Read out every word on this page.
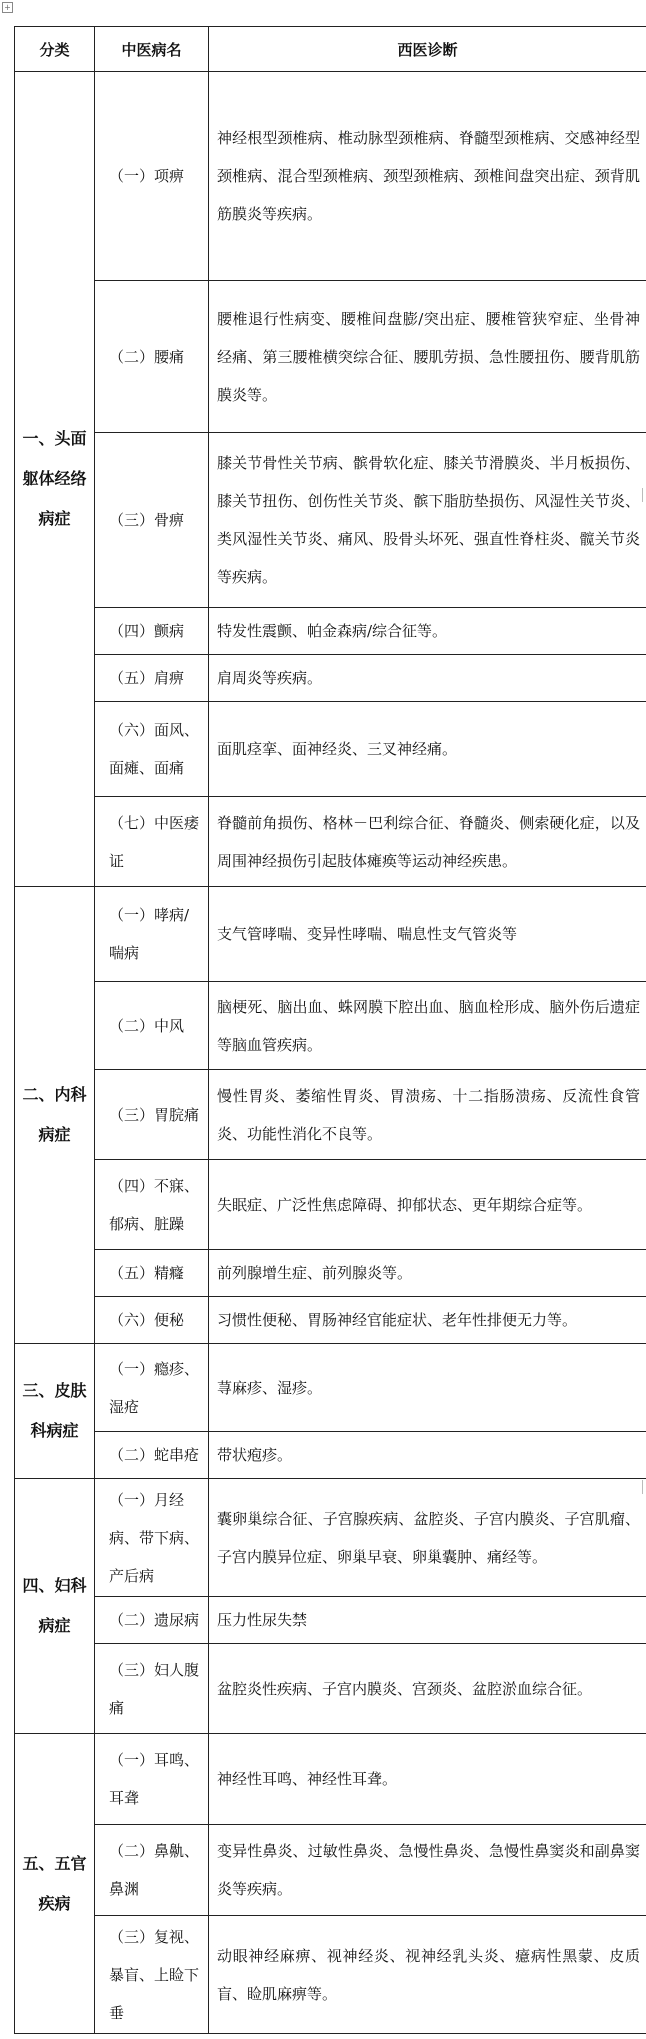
+
分类	中医病名	西医诊断
一、头面躯体经络病症	（一）项痹	神经根型颈椎病、椎动脉型颈椎病、脊髓型颈椎病、交感神经型颈椎病、混合型颈椎病、颈型颈椎病、颈椎间盘突出症、颈背肌筋膜炎等疾病。
	（二）腰痛	腰椎退行性病变、腰椎间盘膨/突出症、腰椎管狭窄症、坐骨神经痛、第三腰椎横突综合征、腰肌劳损、急性腰扭伤、腰背肌筋膜炎等。
	（三）骨痹	膝关节骨性关节病、髌骨软化症、膝关节滑膜炎、半月板损伤、膝关节扭伤、创伤性关节炎、髌下脂肪垫损伤、风湿性关节炎、类风湿性关节炎、痛风、股骨头坏死、强直性脊柱炎、髋关节炎等疾病。
	（四）颤病	特发性震颤、帕金森病/综合征等。
	（五）肩痹	肩周炎等疾病。
	（六）面风、面瘫、面痛	面肌痉挛、面神经炎、三叉神经痛。
	（七）中医痿证	脊髓前角损伤、格林－巴利综合征、脊髓炎、侧索硬化症，以及周围神经损伤引起肢体瘫痪等运动神经疾患。
二、内科病症	（一）哮病/喘病	支气管哮喘、变异性哮喘、喘息性支气管炎等
	（二）中风	脑梗死、脑出血、蛛网膜下腔出血、脑血栓形成、脑外伤后遗症等脑血管疾病。
	（三）胃脘痛	慢性胃炎、萎缩性胃炎、胃溃疡、十二指肠溃疡、反流性食管炎、功能性消化不良等。
	（四）不寐、郁病、脏躁	失眠症、广泛性焦虑障碍、抑郁状态、更年期综合症等。
	（五）精癃	前列腺增生症、前列腺炎等。
	（六）便秘	习惯性便秘、胃肠神经官能症状、老年性排便无力等。
三、皮肤科病症	（一）瘾疹、湿疮	荨麻疹、湿疹。
	（二）蛇串疮	带状疱疹。
四、妇科病症	（一）月经病、带下病、产后病	囊卵巢综合征、子宫腺疾病、盆腔炎、子宫内膜炎、子宫肌瘤、子宫内膜异位症、卵巢早衰、卵巢囊肿、痛经等。
	（二）遗尿病	压力性尿失禁
	（三）妇人腹痛	盆腔炎性疾病、子宫内膜炎、宫颈炎、盆腔淤血综合征。
五、五官疾病	（一）耳鸣、耳聋	神经性耳鸣、神经性耳聋。
	（二）鼻鼽、鼻渊	变异性鼻炎、过敏性鼻炎、急慢性鼻炎、急慢性鼻窦炎和副鼻窦炎等疾病。
	（三）复视、暴盲、上睑下垂	动眼神经麻痹、视神经炎、视神经乳头炎、癔病性黑蒙、皮质盲、睑肌麻痹等。
